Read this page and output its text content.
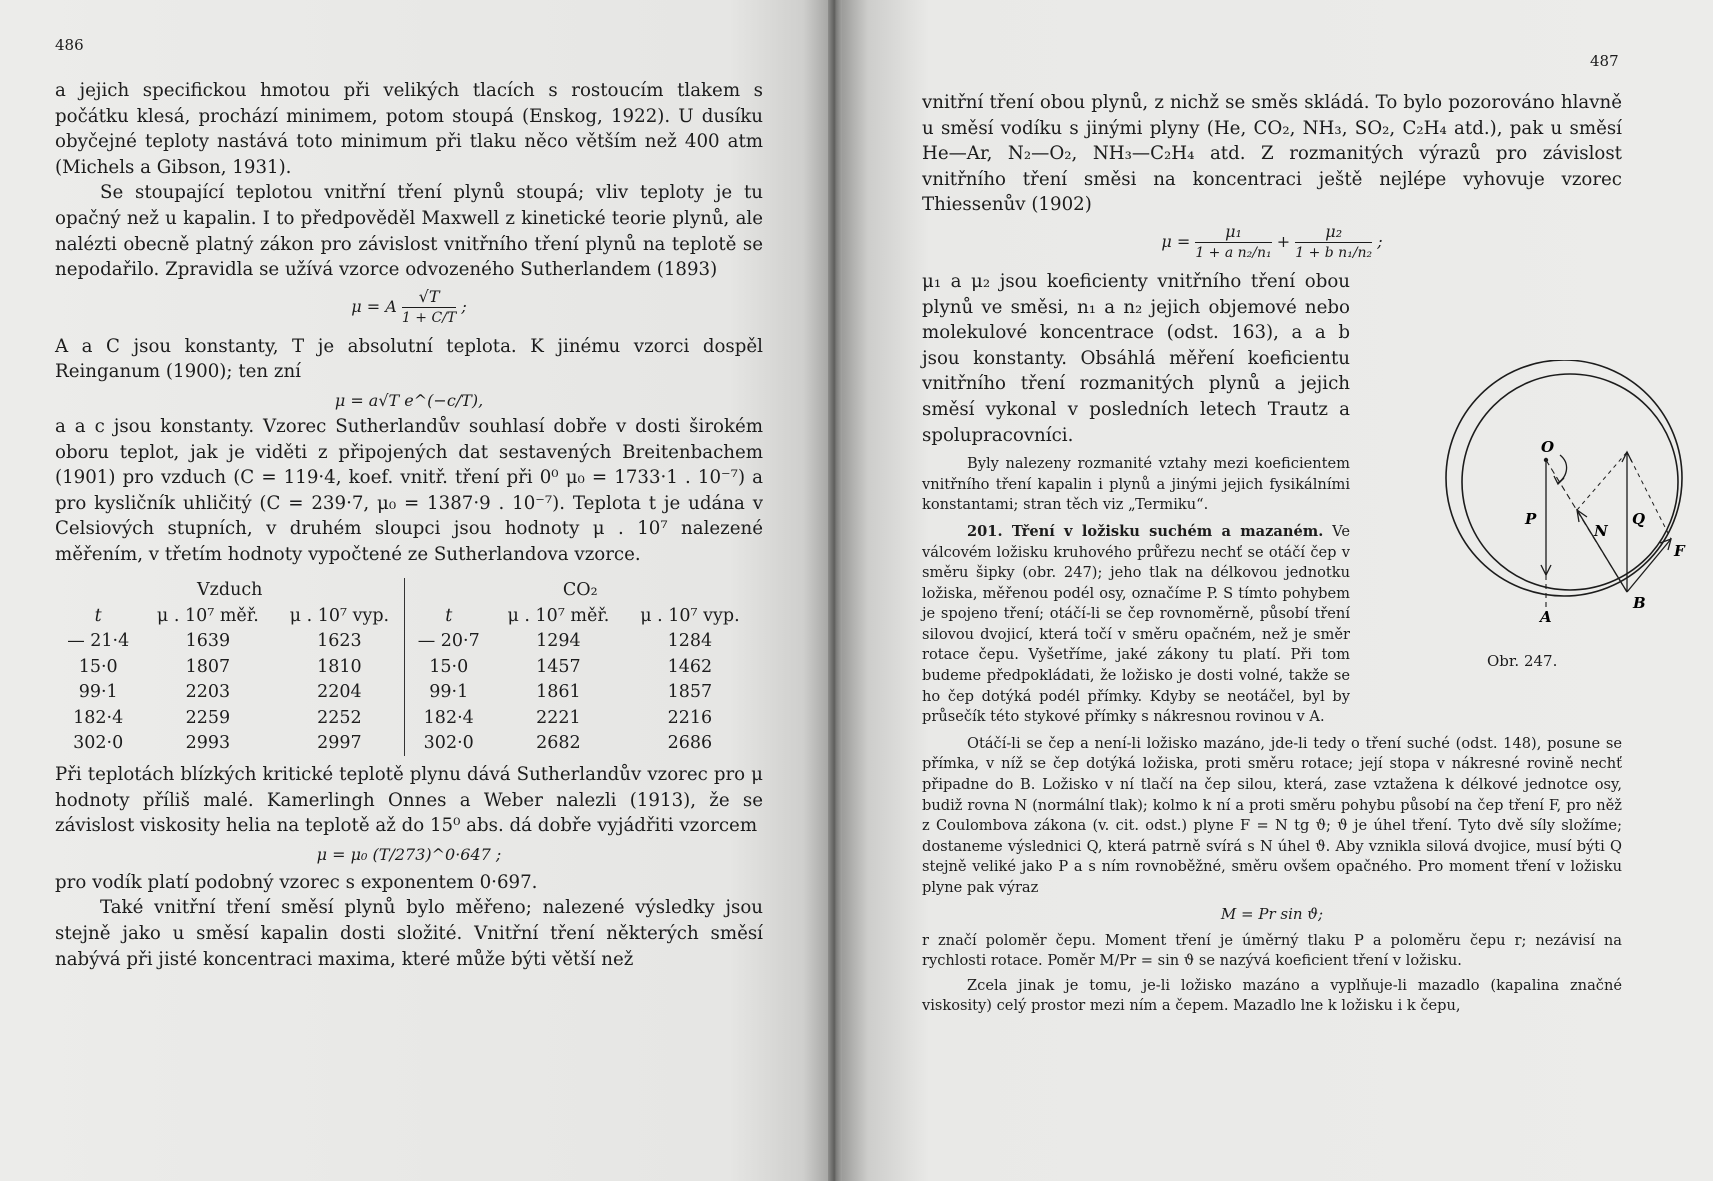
486

a jejich specifickou hmotou při velikých tlacích s rostoucím tlakem s počátku klesá, prochází minimem, potom stoupá (Enskog, 1922). U dusíku obyčejné teploty nastává toto minimum při tlaku něco větším než 400 atm (Michels a Gibson, 1931).

Se stoupající teplotou vnitřní tření plynů stoupá; vliv teploty je tu opačný než u kapalin. I to předpověděl Maxwell z kinetické teorie plynů, ale nalézti obecně platný zákon pro závislost vnitřního tření plynů na teplotě se nepodařilo. Zpravidla se užívá vzorce odvozeného Sutherlandem (1893)

μ = A $\frac{√T}{1 + C/T}$ ;

A a C jsou konstanty, T je absolutní teplota. K jinému vzorci dospěl Reinganum (1900); ten zní

μ = a√T e^(−c/T),

a a c jsou konstanty. Vzorec Sutherlandův souhlasí dobře v dosti širokém oboru teplot, jak je viděti z připojených dat sestavených Breitenbachem (1901) pro vzduch (C = 119·4, koef. vnitř. tření při 0⁰ μ₀ = 1733·1 . 10⁻⁷) a pro kysličník uhličitý (C = 239·7, μ₀ = 1387·9 . 10⁻⁷). Teplota t je udána v Celsiových stupních, v druhém sloupci jsou hodnoty μ . 10⁷ nalezené měřením, v třetím hodnoty vypočtené ze Sutherlandova vzorce.

Vzduch			CO₂		
t	μ . 10⁷ měř.	μ . 10⁷ vyp.	t	μ . 10⁷ měř.	μ . 10⁷ vyp.
— 21·4	1639	1623	— 20·7	1294	1284
15·0	1807	1810	15·0	1457	1462
99·1	2203	2204	99·1	1861	1857
182·4	2259	2252	182·4	2221	2216
302·0	2993	2997	302·0	2682	2686

Při teplotách blízkých kritické teplotě plynu dává Sutherlandův vzorec pro μ hodnoty příliš malé. Kamerlingh Onnes a Weber nalezli (1913), že se závislost viskosity helia na teplotě až do 15⁰ abs. dá dobře vyjádřiti vzorcem

μ = μ₀ (T/273)^0·647 ;

pro vodík platí podobný vzorec s exponentem 0·697.

Také vnitřní tření směsí plynů bylo měřeno; nalezené výsledky jsou stejně jako u směsí kapalin dosti složité. Vnitřní tření některých směsí nabývá při jisté koncentraci maxima, které může býti větší než

487

vnitřní tření obou plynů, z nichž se směs skládá. To bylo pozorováno hlavně u směsí vodíku s jinými plyny (He, CO₂, NH₃, SO₂, C₂H₄ atd.), pak u směsí He—Ar, N₂—O₂, NH₃—C₂H₄ atd. Z rozmanitých výrazů pro závislost vnitřního tření směsi na koncentraci ještě nejlépe vyhovuje vzorec Thiessenův (1902)

$\mu = \frac{\text{μ₁}}{\text{1 + a n₂/n₁}} + \frac{\text{μ₂}}{\text{1 + b n₁/n₂}}$ ;

μ₁ a μ₂ jsou koeficienty vnitřního tření obou plynů ve směsi, n₁ a n₂ jejich objemové nebo molekulové koncentrace (odst. 163), a a b jsou konstanty. Obsáhlá měření koeficientu vnitřního tření rozmanitých plynů a jejich směsí vykonal v posledních letech Trautz a spolupracovníci.

Byly nalezeny rozmanité vztahy mezi koeficientem vnitřního tření kapalin i plynů a jinými jejich fysikálními konstantami; stran těch viz „Termiku“.

201. Tření v ložisku suchém a mazaném. Ve válcovém ložisku kruhového průřezu nechť se otáčí čep v směru šipky (obr. 247); jeho tlak na délkovou jednotku ložiska, měřenou podél osy, označíme P. S tímto pohybem je spojeno tření; otáčí-li se čep rovnoměrně, působí tření silovou dvojicí, která točí v směru opačném, než je směr rotace čepu. Vyšetříme, jaké zákony tu platí. Při tom budeme předpokládati, že ložisko je dosti volné, takže se ho čep dotýká podél přímky. Kdyby se neotáčel, byl by průsečík této stykové přímky s nákresnou rovinou v A.

Otáčí-li se čep a není-li ložisko mazáno, jde-li tedy o tření suché (odst. 148), posune se přímka, v níž se čep dotýká ložiska, proti směru rotace; její stopa v nákresné rovině nechť připadne do B. Ložisko v ní tlačí na čep silou, která, zase vztažena k délkové jednotce osy, budiž rovna N (normální tlak); kolmo k ní a proti směru pohybu působí na čep tření F, pro něž z Coulombova zákona (v. cit. odst.) plyne F = N tg ϑ; ϑ je úhel tření. Tyto dvě síly složíme; dostaneme výslednici Q, která patrně svírá s N úhel ϑ. Aby vznikla silová dvojice, musí býti Q stejně veliké jako P a s ním rovnoběžné, směru ovšem opačného. Pro moment tření v ložisku plyne pak výraz

M = Pr sin ϑ;

r značí poloměr čepu. Moment tření je úměrný tlaku P a poloměru čepu r; nezávisí na rychlosti rotace. Poměr M/Pr = sin ϑ se nazývá koeficient tření v ložisku.

Zcela jinak je tomu, je-li ložisko mazáno a vyplňuje-li mazadlo (kapalina značné viskosity) celý prostor mezi ním a čepem. Mazadlo lne k ložisku i k čepu,

O
P
N
Q
F
B
A
Obr. 247.
